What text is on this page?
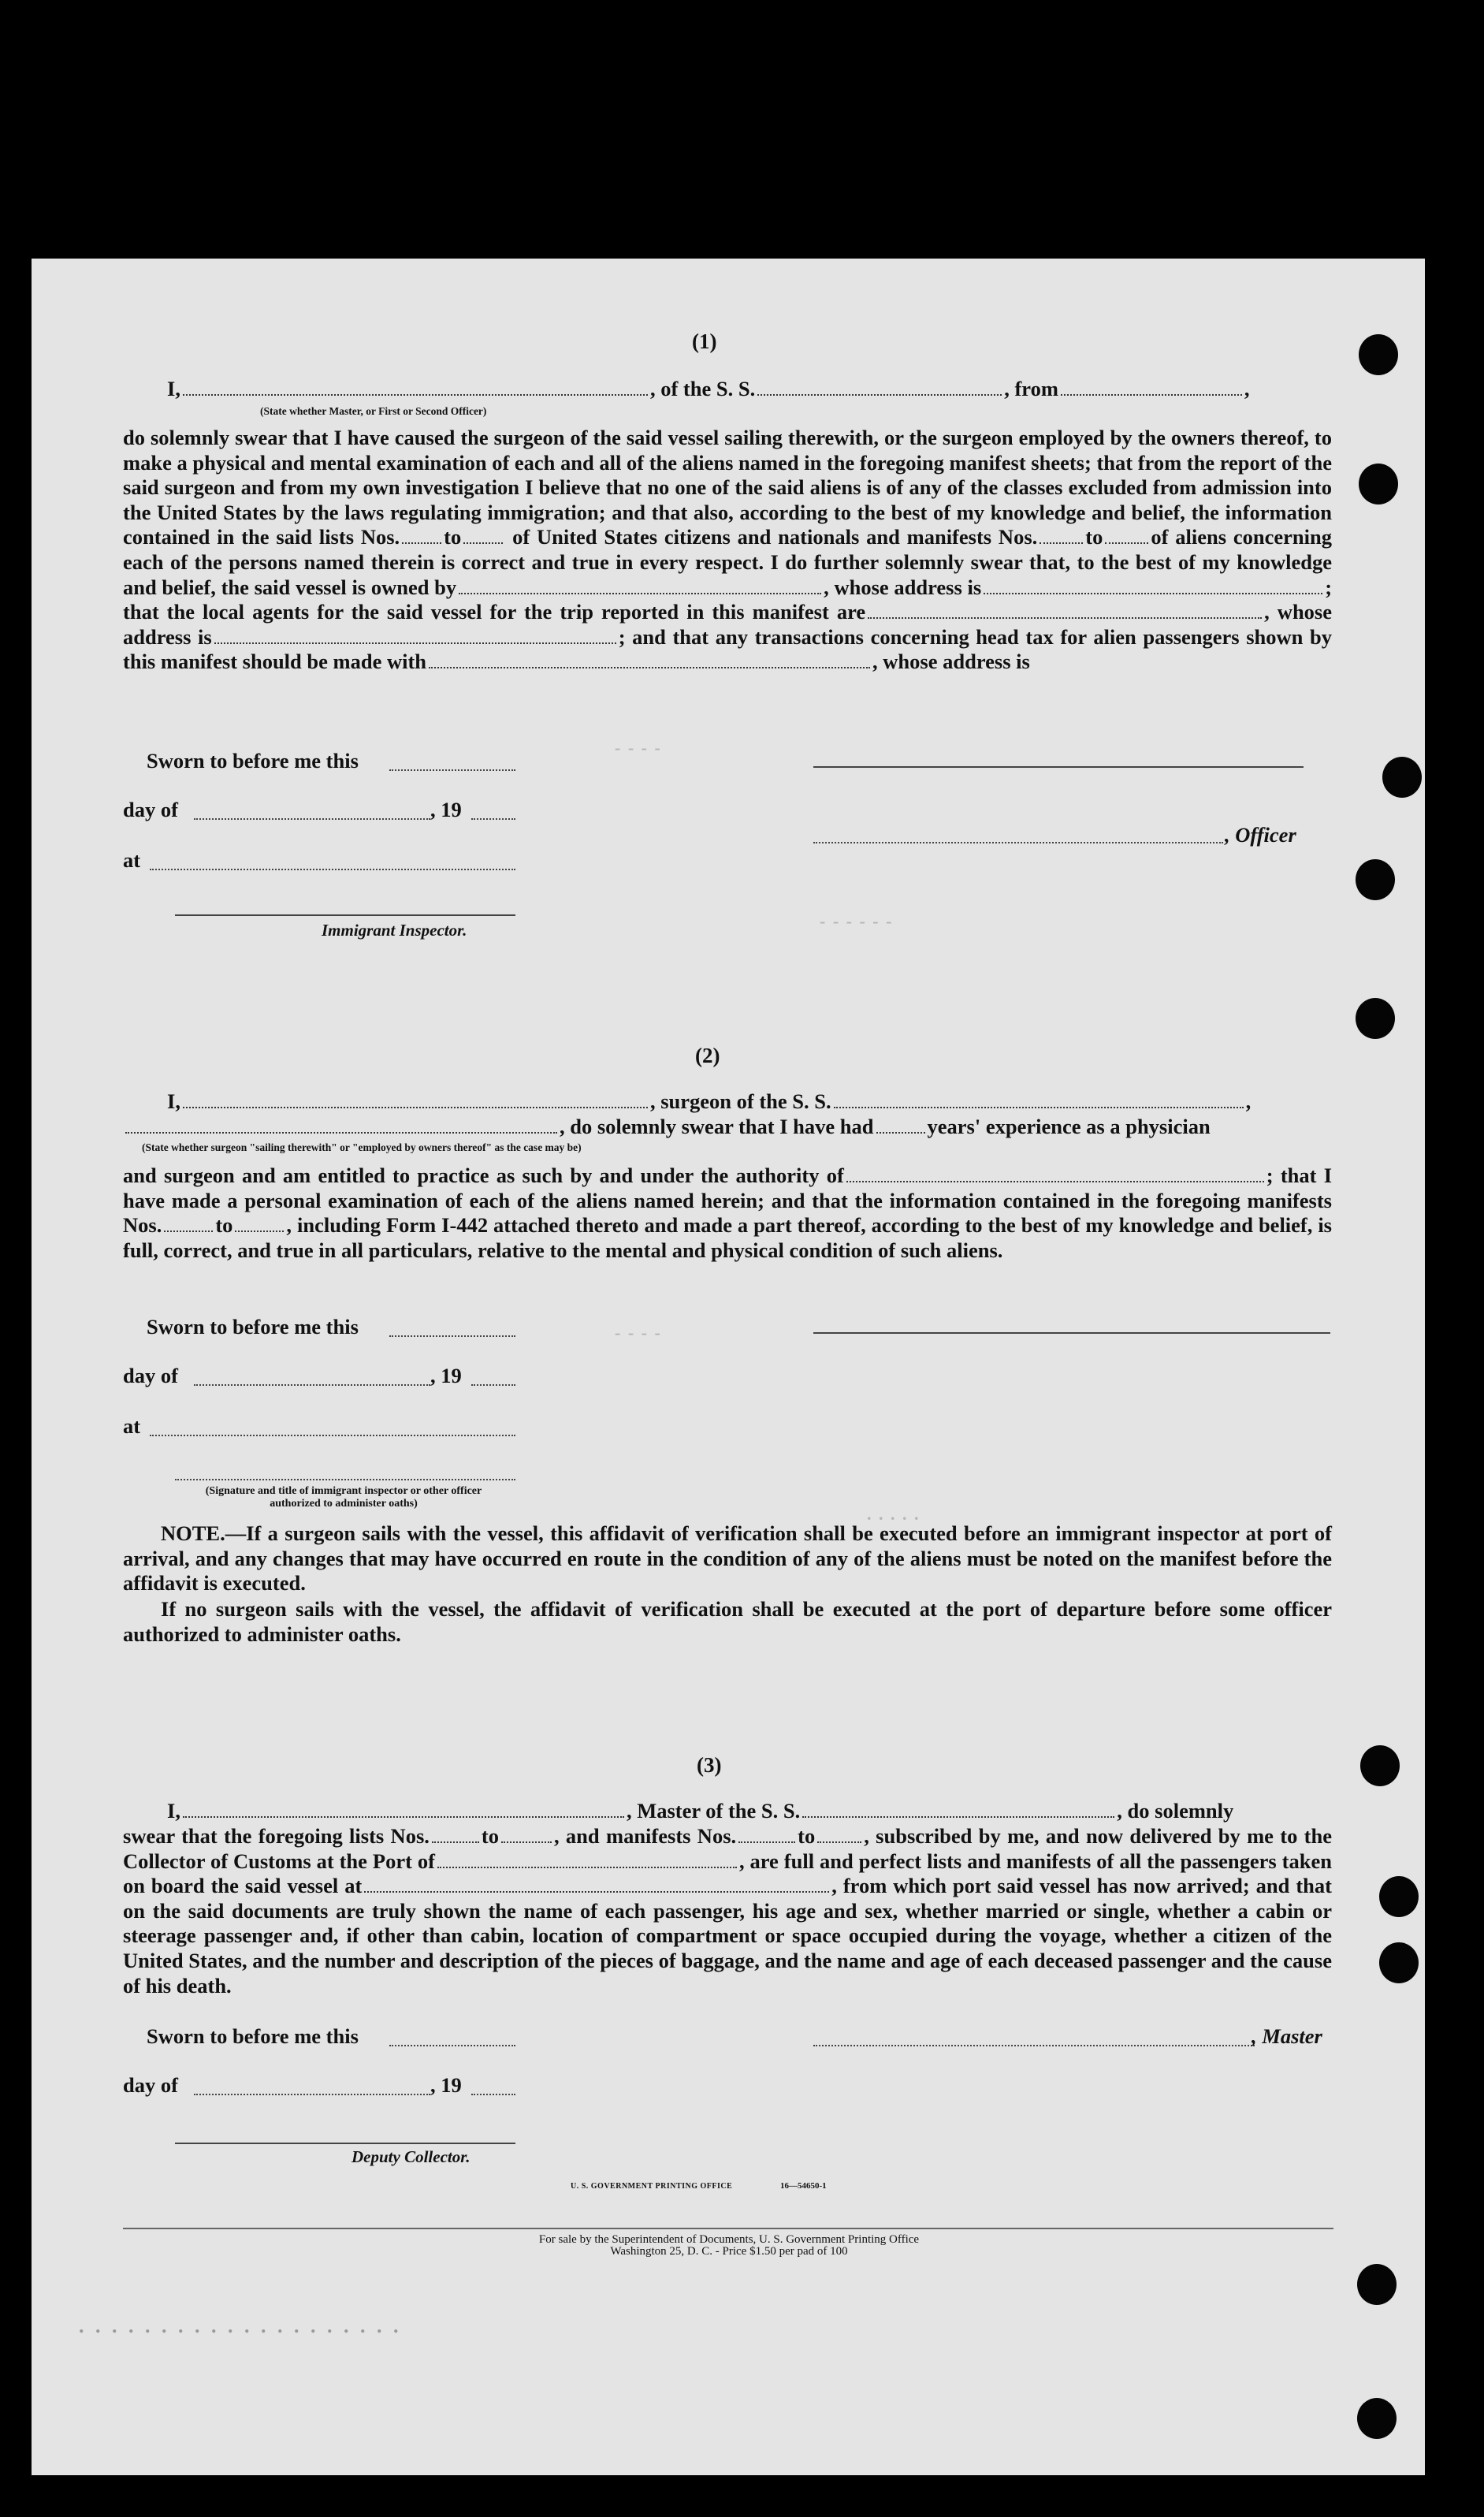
(1)
I,	, of the S. S.	, from	,
(State whether Master, or First or Second Officer)
do solemnly swear that I have caused the surgeon of the said vessel sailing therewith, or the surgeon employed by the owners thereof, to make a physical and mental examination of each and all of the aliens named in the foregoing manifest sheets; that from the report of the said surgeon and from my own investigation I believe that no one of the said aliens is of any of the classes excluded from admission into the United States by the laws regulating immigration; and that also, according to the best of my knowledge and belief, the information contained in the said lists Nos. to of United States citizens and nationals and manifests Nos. to of aliens concerning each of the persons named therein is correct and true in every respect. I do further solemnly swear that, to the best of my knowledge and belief, the said vessel is owned by	, whose address is	; that the local agents for the said vessel for the trip reported in this manifest are	, whose address is	; and that any transactions concerning head tax for alien passengers shown by this manifest should be made with	, whose address is
Sworn to before me this
day of	, 19
, Officer
at
Immigrant Inspector.
- - - -
- - - - - -
(2)
I,	, surgeon of the S. S.	,
, do solemnly swear that I have had	years' experience as a physician
(State whether surgeon "sailing therewith" or "employed by owners thereof" as the case may be)
and surgeon and am entitled to practice as such by and under the authority of	; that I have made a personal examination of each of the aliens named herein; and that the information contained in the foregoing manifests Nos.	to	, including Form I-442 attached thereto and made a part thereof, according to the best of my knowledge and belief, is full, correct, and true in all particulars, relative to the mental and physical condition of such aliens.
Sworn to before me this
day of	, 19
at
(Signature and title of immigrant inspector or other officer authorized to administer oaths)
NOTE.—If a surgeon sails with the vessel, this affidavit of verification shall be executed before an immigrant inspector at port of arrival, and any changes that may have occurred en route in the condition of any of the aliens must be noted on the manifest before the affidavit is executed.
If no surgeon sails with the vessel, the affidavit of verification shall be executed at the port of departure before some officer authorized to administer oaths.
- - - -
. . . . .
(3)
I,	, Master of the S. S.	, do solemnly
swear that the foregoing lists Nos. to	, and manifests Nos.	to , subscribed by me, and now delivered by me to the Collector of Customs at the Port of	, are full and perfect lists and manifests of all the passengers taken on board the said vessel at	, from which port said vessel has now arrived; and that on the said documents are truly shown the name of each passenger, his age and sex, whether married or single, whether a cabin or steerage passenger and, if other than cabin, location of compartment or space occupied during the voyage, whether a citizen of the United States, and the number and description of the pieces of baggage, and the name and age of each deceased passenger and the cause of his death.
Sworn to before me this	, Master
day of	, 19
Deputy Collector.
U. S. GOVERNMENT PRINTING OFFICE	16—54650-1
For sale by the Superintendent of Documents, U. S. Government Printing Office
Washington 25, D. C. - Price $1.50 per pad of 100
. . . . . . . . . . . . . . . . . . . .
